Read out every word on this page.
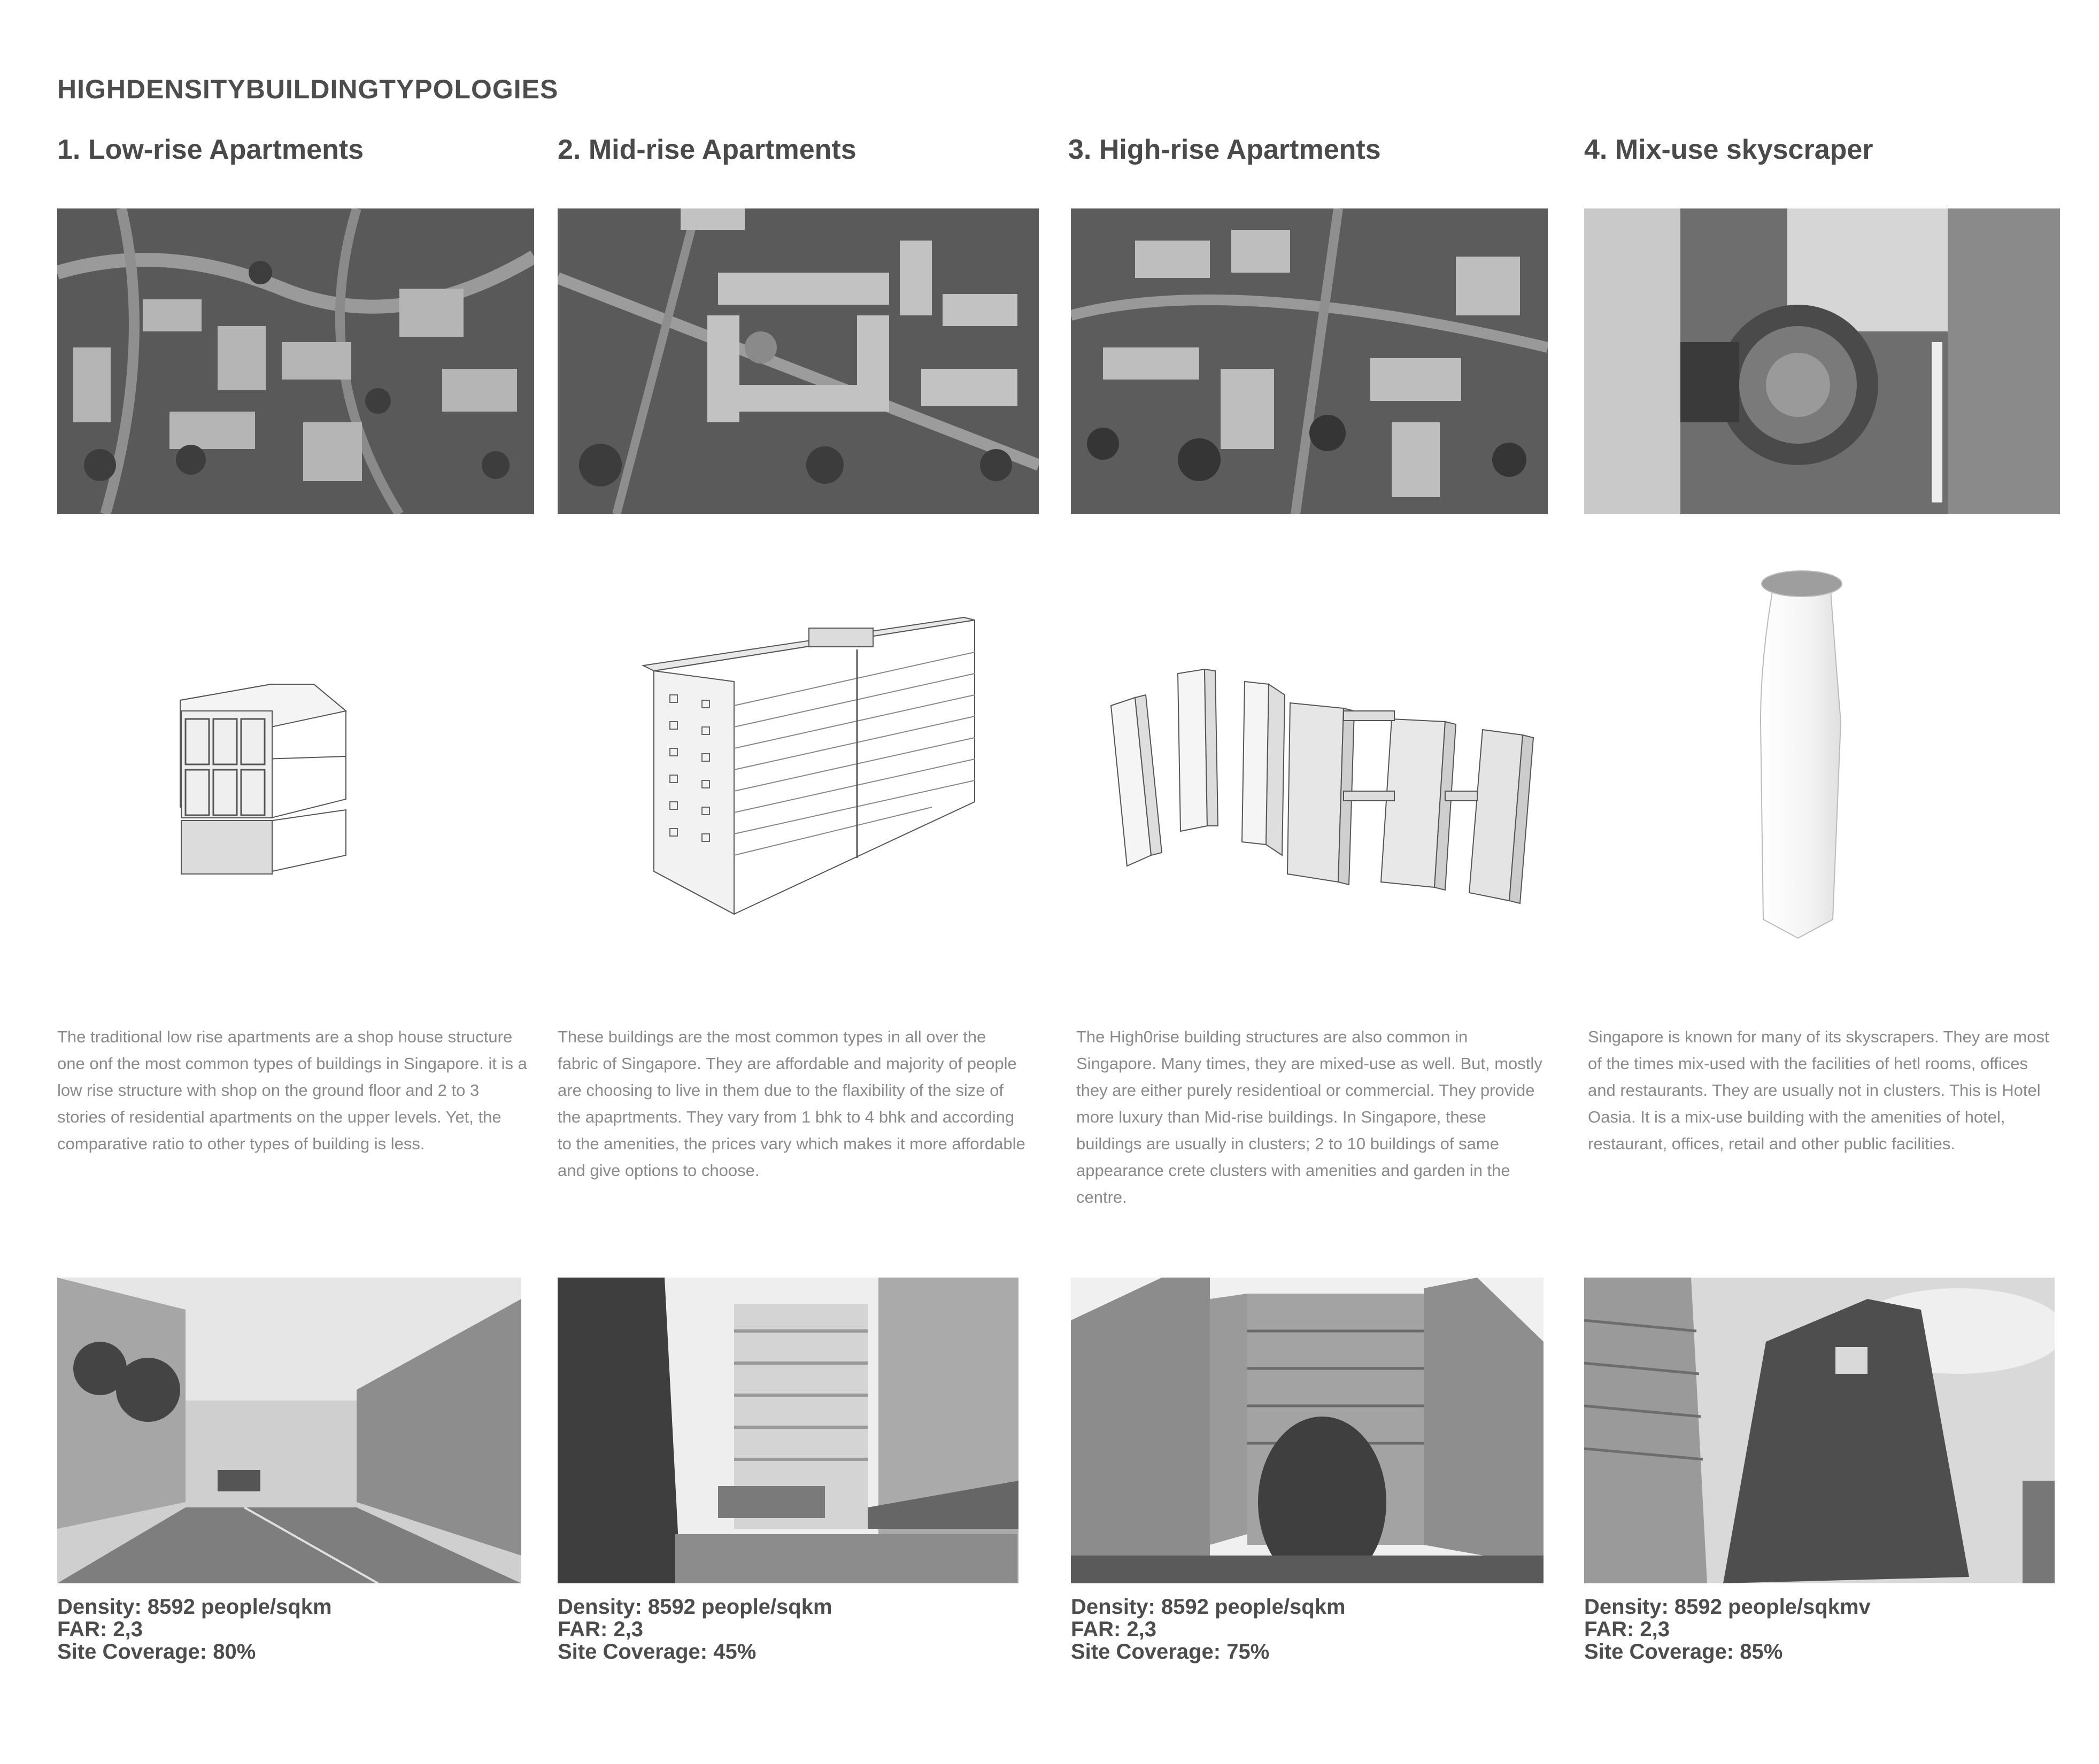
HIGHDENSITYBUILDINGTYPOLOGIES
1. Low-rise Apartments

The traditional low rise apartments are a shop house structure one onf the most common types of buildings in Singapore. it is a low rise structure with shop on the ground floor and 2 to 3 stories of residential apartments on the upper levels. Yet, the comparative ratio to other types of building is less.

Density: 8592 people/sqkm
FAR: 2,3
Site Coverage: 80%
2. Mid-rise Apartments

These buildings are the most common types in all over the fabric of Singapore. They are affordable and majority of people are choosing to live in them due to the flaxibility of the size of the apaprtments. They vary from 1 bhk to 4 bhk and according to the amenities, the prices vary which makes it more affordable and give options to choose.

Density: 8592 people/sqkm
FAR: 2,3
Site Coverage: 45%
3. High-rise Apartments

The High0rise building structures are also common in Singapore. Many times, they are mixed-use as well. But, mostly they are either purely residentioal or commercial. They provide more luxury than Mid-rise buildings. In Singapore, these buildings are usually in clusters; 2 to 10 buildings of same appearance crete clusters with amenities and garden in the centre.

Density: 8592 people/sqkm
FAR: 2,3
Site Coverage: 75%
4. Mix-use skyscraper

Singapore is known for many of its skyscrapers. They are most of the times mix-used with the facilities of hetl rooms, offices and restaurants. They are usually not in clusters. This is Hotel Oasia. It is a mix-use building with the amenities of hotel, restaurant, offices, retail and other public facilities.

Density: 8592 people/sqkmv
FAR: 2,3
Site Coverage: 85%
